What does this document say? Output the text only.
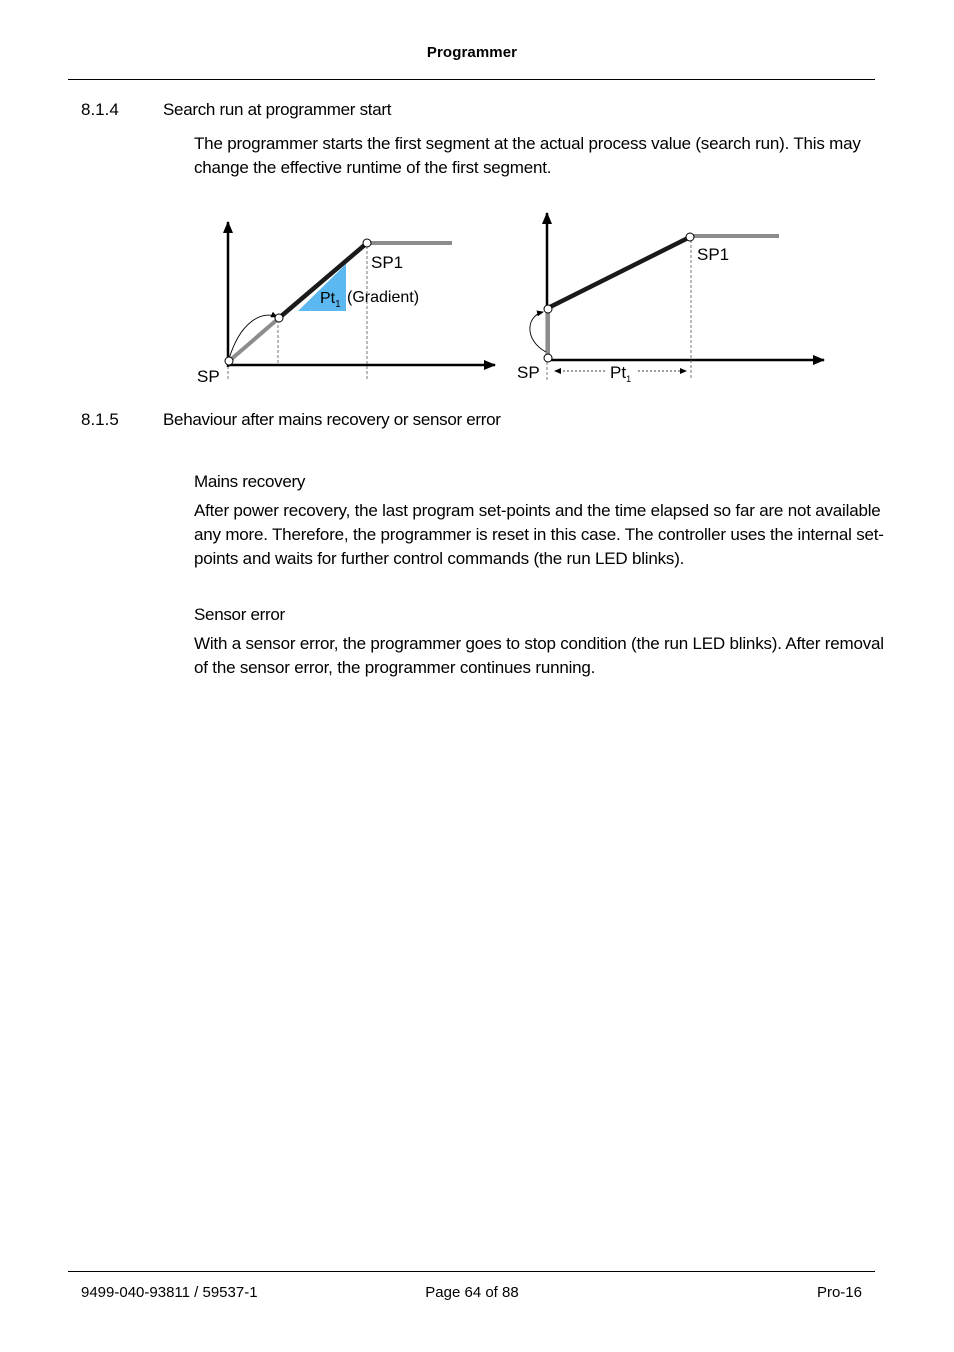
Programmer
8.1.4	Search run at programmer start
The programmer starts the first segment at the actual process value (search run). This may change the effective runtime of the first segment.
SP
SP1
$Pt_1$ (Gradient)
SP
SP1
$Pt_1$
8.1.5	Behaviour after mains recovery or sensor error
Mains recovery
After power recovery, the last program set-points and the time elapsed so far are not available any more. Therefore, the programmer is reset in this case. The controller uses the internal set-points and waits for further control commands (the run LED blinks).
Sensor error
With a sensor error, the programmer goes to stop condition (the run LED blinks). After removal of the sensor error, the programmer continues running.
9499-040-93811 / 59537-1	Page 64 of 88	Pro-16
